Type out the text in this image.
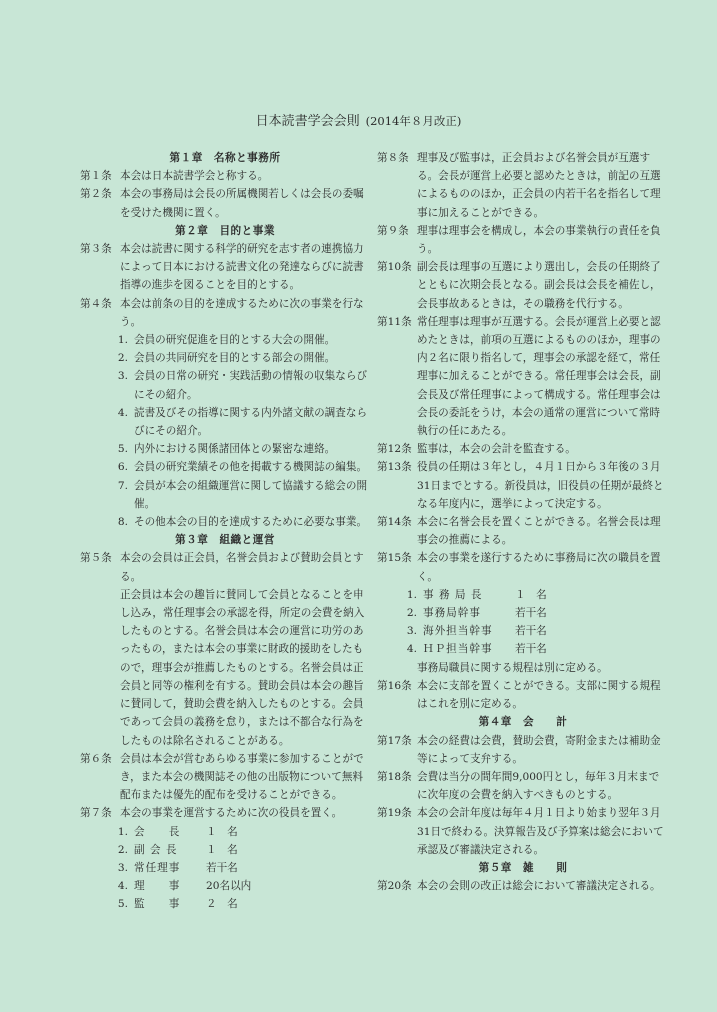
日本読書学会会則 (2014年８月改正)
第１章　名称と事務所
第１条 本会は日本読書学会と称する。
第２条 本会の事務局は会長の所属機関若しくは会長の委嘱を受けた機関に置く。
第２章　目的と事業
第３条 本会は読書に関する科学的研究を志す者の連携協力によって日本における読書文化の発達ならびに読書指導の進歩を図ることを目的とする。
第４条 本会は前条の目的を達成するために次の事業を行なう。
1. 会員の研究促進を目的とする大会の開催。
2. 会員の共同研究を目的とする部会の開催。
3. 会員の日常の研究・実践活動の情報の収集ならびにその紹介。
4. 読書及びその指導に関する内外諸文献の調査ならびにその紹介。
5. 内外における関係諸団体との緊密な連絡。
6. 会員の研究業績その他を掲載する機関誌の編集。
7. 会員が本会の組織運営に関して協議する総会の開催。
8. その他本会の目的を達成するために必要な事業。
第３章　組織と運営
第５条 本会の会員は正会員，名誉会員および賛助会員とする。
正会員は本会の趣旨に賛同して会員となることを申し込み，常任理事会の承認を得，所定の会費を納入したものとする。名誉会員は本会の運営に功労のあったもの，または本会の事業に財政的援助をしたもので，理事会が推薦したものとする。名誉会員は正会員と同等の権利を有する。賛助会員は本会の趣旨に賛同して，賛助会費を納入したものとする。会員であって会員の義務を怠り，または不都合な行為をしたものは除名されることがある。
第６条 会員は本会が営むあらゆる事業に参加することができ，また本会の機関誌その他の出版物について無料配布または優先的配布を受けることができる。
第７条 本会の事業を運営するために次の役員を置く。
1. 会　　長	１　名
2. 副 会 長	１　名
3. 常任理事	若干名
4. 理　　事	20名以内
5. 監　　事	２　名
第８条 理事及び監事は，正会員および名誉会員が互選する。会長が運営上必要と認めたときは，前記の互選によるもののほか，正会員の内若干名を指名して理事に加えることができる。
第９条 理事は理事会を構成し，本会の事業執行の責任を負う。
第10条 副会長は理事の互選により選出し，会長の任期終了とともに次期会長となる。副会長は会長を補佐し，会長事故あるときは，その職務を代行する。
第11条 常任理事は理事が互選する。会長が運営上必要と認めたときは，前項の互選によるもののほか，理事の内２名に限り指名して，理事会の承認を経て，常任理事に加えることができる。常任理事会は会長，副会長及び常任理事によって構成する。常任理事会は会長の委託をうけ，本会の通常の運営について常時執行の任にあたる。
第12条 監事は，本会の会計を監査する。
第13条 役員の任期は３年とし，４月１日から３年後の３月31日までとする。新役員は，旧役員の任期が最終となる年度内に，選挙によって決定する。
第14条 本会に名誉会長を置くことができる。名誉会長は理事会の推薦による。
第15条 本会の事業を遂行するために事務局に次の職員を置く。
1. 事 務 局 長	１　名
2. 事務局幹事	若干名
3. 海外担当幹事	若干名
4. ＨＰ担当幹事	若干名
事務局職員に関する規程は別に定める。
第16条 本会に支部を置くことができる。支部に関する規程はこれを別に定める。
第４章　会　　計
第17条 本会の経費は会費，賛助会費，寄附金または補助金等によって支弁する。
第18条 会費は当分の間年間9,000円とし，毎年３月末までに次年度の会費を納入すべきものとする。
第19条 本会の会計年度は毎年４月１日より始まり翌年３月31日で終わる。決算報告及び予算案は総会において承認及び審議決定される。
第５章　雑　　則
第20条 本会の会則の改正は総会において審議決定される。
